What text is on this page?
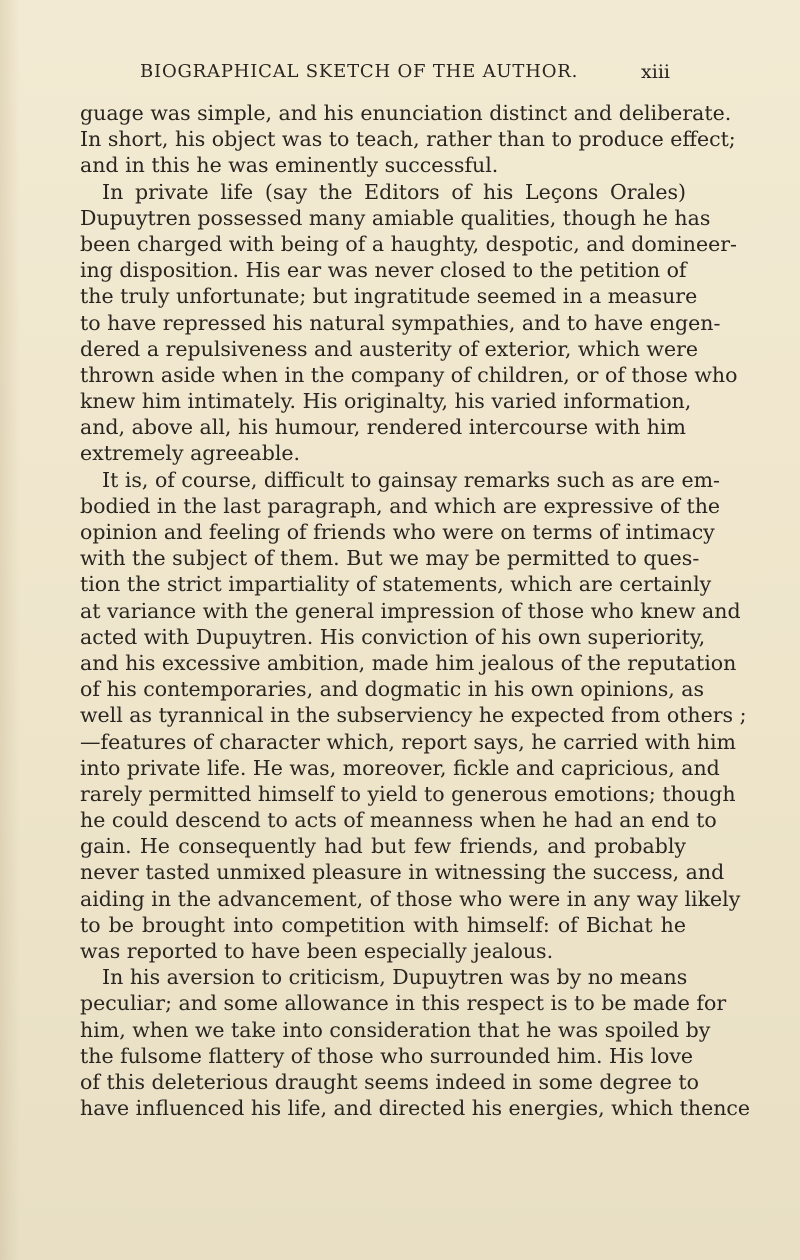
BIOGRAPHICAL SKETCH OF THE AUTHOR.	xiii
guage was simple, and his enunciation distinct and deliberate.
In short, his object was to teach, rather than to produce effect;
and in this he was eminently successful.
In private life (say the Editors of his Leçons Orales)
Dupuytren possessed many amiable qualities, though he has
been charged with being of a haughty, despotic, and domineer-
ing disposition. His ear was never closed to the petition of
the truly unfortunate; but ingratitude seemed in a measure
to have repressed his natural sympathies, and to have engen-
dered a repulsiveness and austerity of exterior, which were
thrown aside when in the company of children, or of those who
knew him intimately. His originalty, his varied information,
and, above all, his humour, rendered intercourse with him
extremely agreeable.
It is, of course, difficult to gainsay remarks such as are em-
bodied in the last paragraph, and which are expressive of the
opinion and feeling of friends who were on terms of intimacy
with the subject of them. But we may be permitted to ques-
tion the strict impartiality of statements, which are certainly
at variance with the general impression of those who knew and
acted with Dupuytren. His conviction of his own superiority,
and his excessive ambition, made him jealous of the reputation
of his contemporaries, and dogmatic in his own opinions, as
well as tyrannical in the subserviency he expected from others ;
—features of character which, report says, he carried with him
into private life. He was, moreover, fickle and capricious, and
rarely permitted himself to yield to generous emotions; though
he could descend to acts of meanness when he had an end to
gain. He consequently had but few friends, and probably
never tasted unmixed pleasure in witnessing the success, and
aiding in the advancement, of those who were in any way likely
to be brought into competition with himself: of Bichat he
was reported to have been especially jealous.
In his aversion to criticism, Dupuytren was by no means
peculiar; and some allowance in this respect is to be made for
him, when we take into consideration that he was spoiled by
the fulsome flattery of those who surrounded him. His love
of this deleterious draught seems indeed in some degree to
have influenced his life, and directed his energies, which thence
